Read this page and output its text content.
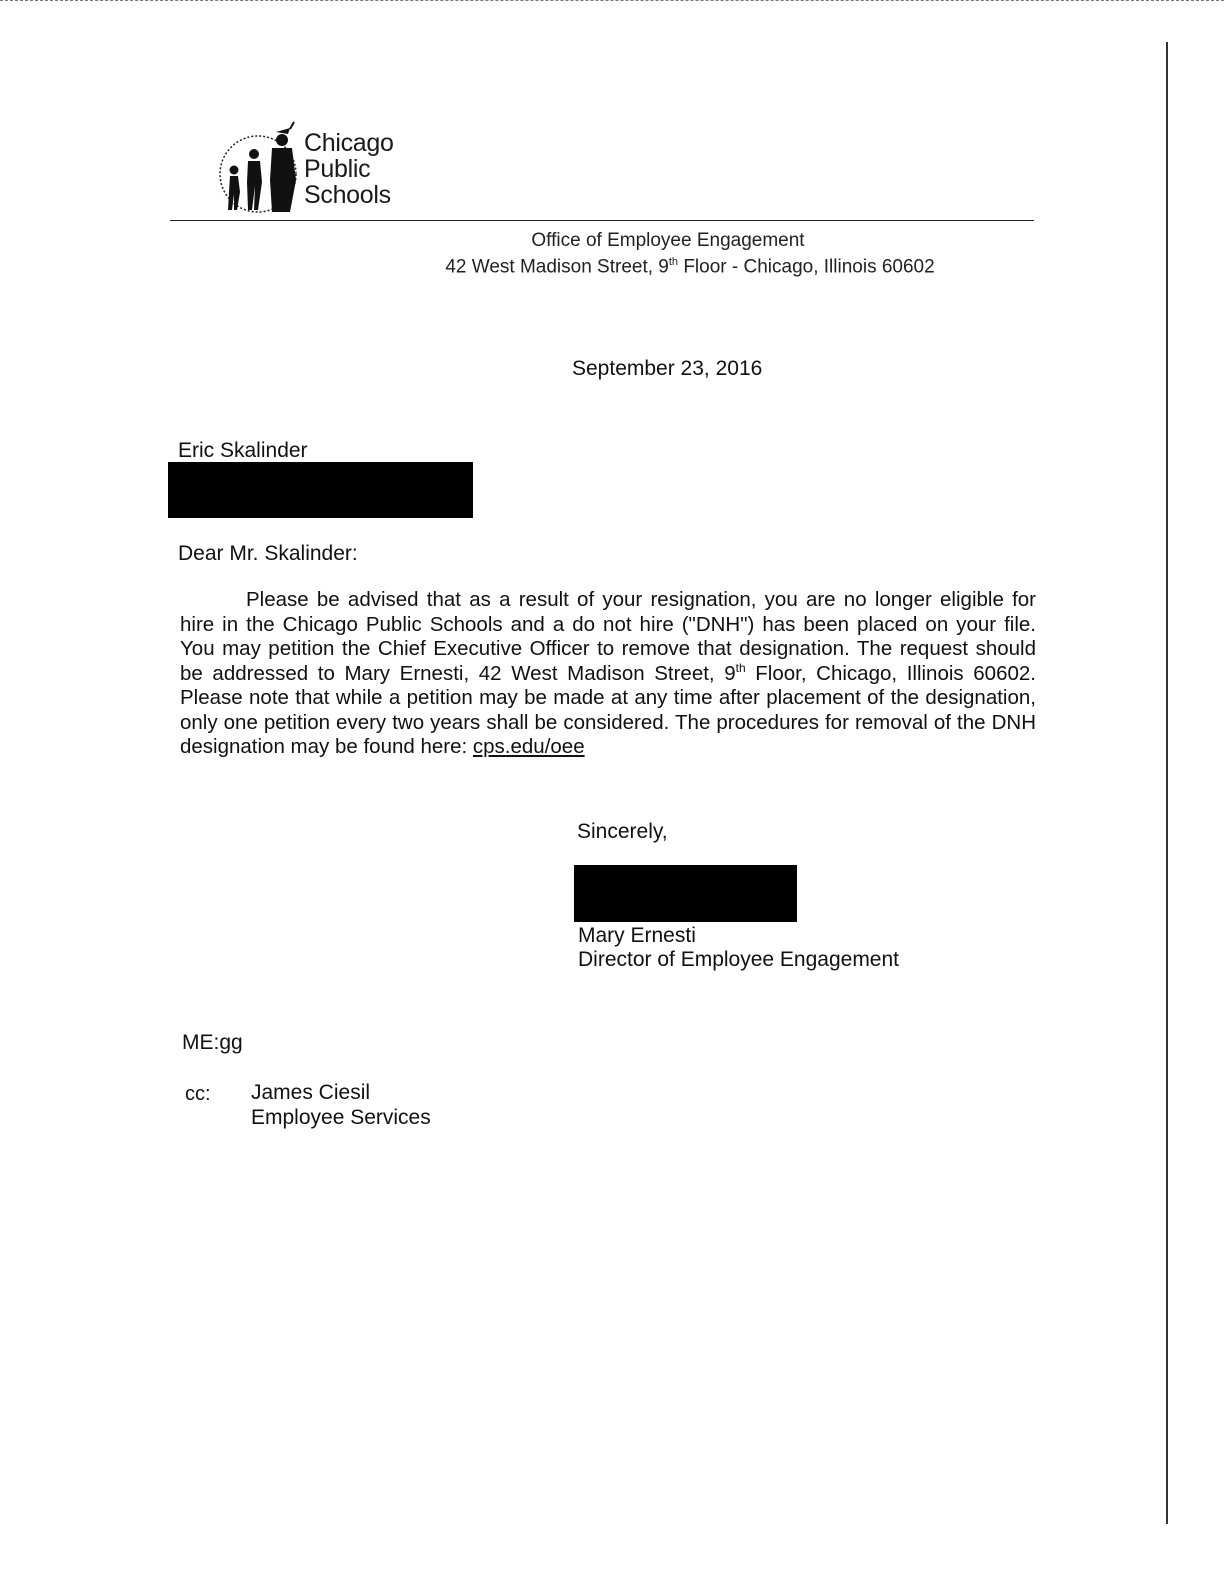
Chicago
Public
Schools
Office of Employee Engagement
42 West Madison Street, 9th Floor - Chicago, Illinois 60602
September 23, 2016
Eric Skalinder
Dear Mr. Skalinder:
Please be advised that as a result of your resignation, you are no longer eligible for hire in the Chicago Public Schools and a do not hire ("DNH") has been placed on your file. You may petition the Chief Executive Officer to remove that designation. The request should be addressed to Mary Ernesti, 42 West Madison Street, 9th Floor, Chicago, Illinois 60602. Please note that while a petition may be made at any time after placement of the designation, only one petition every two years shall be considered. The procedures for removal of the DNH designation may be found here: cps.edu/oee
Sincerely,
Mary Ernesti
Director of Employee Engagement
ME:gg
cc: James Ciesil
Employee Services
